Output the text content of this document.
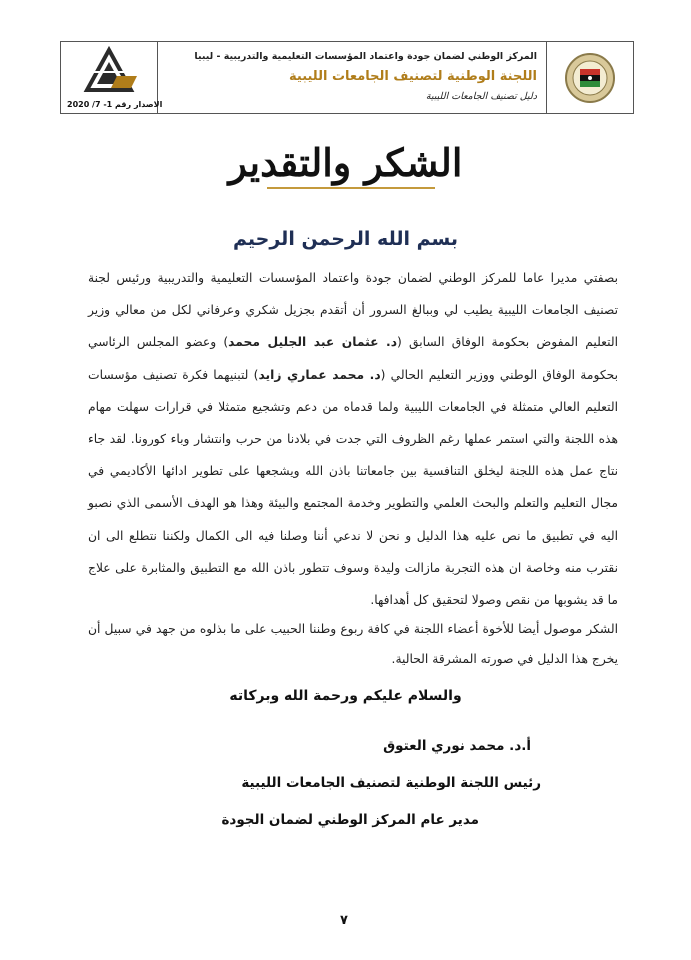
الاصدار رقم 1- 7/ 2020
المركز الوطني لضمان جودة واعتماد المؤسسات التعليمية والتدريبية - ليبيا
اللجنة الوطنية لتصنيف الجامعات الليبية
دليل تصنيف الجامعات الليبية
الشكر والتقدير
بسم الله الرحمن الرحيم
بصفتي مديرا عاما للمركز الوطني لضمان جودة واعتماد المؤسسات التعليمية والتدريبية ورئيس لجنة تصنيف الجامعات الليبية يطيب لي وببالغ السرور أن أتقدم بجزيل شكري وعرفاني لكل من معالي وزير التعليم المفوض بحكومة الوفاق السابق (د. عثمان عبد الجليل محمد) وعضو المجلس الرئاسي بحكومة الوفاق الوطني ووزير التعليم الحالي (د. محمد عماري زايد) لتبنيهما فكرة تصنيف مؤسسات التعليم العالي متمثلة في الجامعات الليبية ولما قدماه من دعم وتشجيع متمثلا في قرارات سهلت مهام هذه اللجنة والتي استمر عملها رغم الظروف التي جدت في بلادنا من حرب وانتشار وباء كورونا. لقد جاء نتاج عمل هذه اللجنة ليخلق التنافسية بين جامعاتنا باذن الله ويشجعها على تطوير ادائها الأكاديمي في مجال التعليم والتعلم والبحث العلمي والتطوير وخدمة المجتمع والبيئة وهذا هو الهدف الأسمى الذي نصبو اليه في تطبيق ما نص عليه هذا الدليل و نحن لا ندعي أننا وصلنا فيه الى الكمال ولكننا نتطلع الى ان نقترب منه وخاصة ان هذه التجربة مازالت وليدة وسوف تتطور باذن الله مع التطبيق والمثابرة على علاج ما قد يشوبها من نقص وصولا لتحقيق كل أهدافها.
الشكر موصول أيضا للأخوة أعضاء اللجنة في كافة ربوع وطننا الحبيب على ما بذلوه من جهد في سبيل أن يخرج هذا الدليل في صورته المشرقة الحالية.
والسلام عليكم ورحمة الله وبركاته
أ.د. محمد نوري العتوق
رئيس اللجنة الوطنية لتصنيف الجامعات الليبية
مدير عام المركز الوطني لضمان الجودة
٧
